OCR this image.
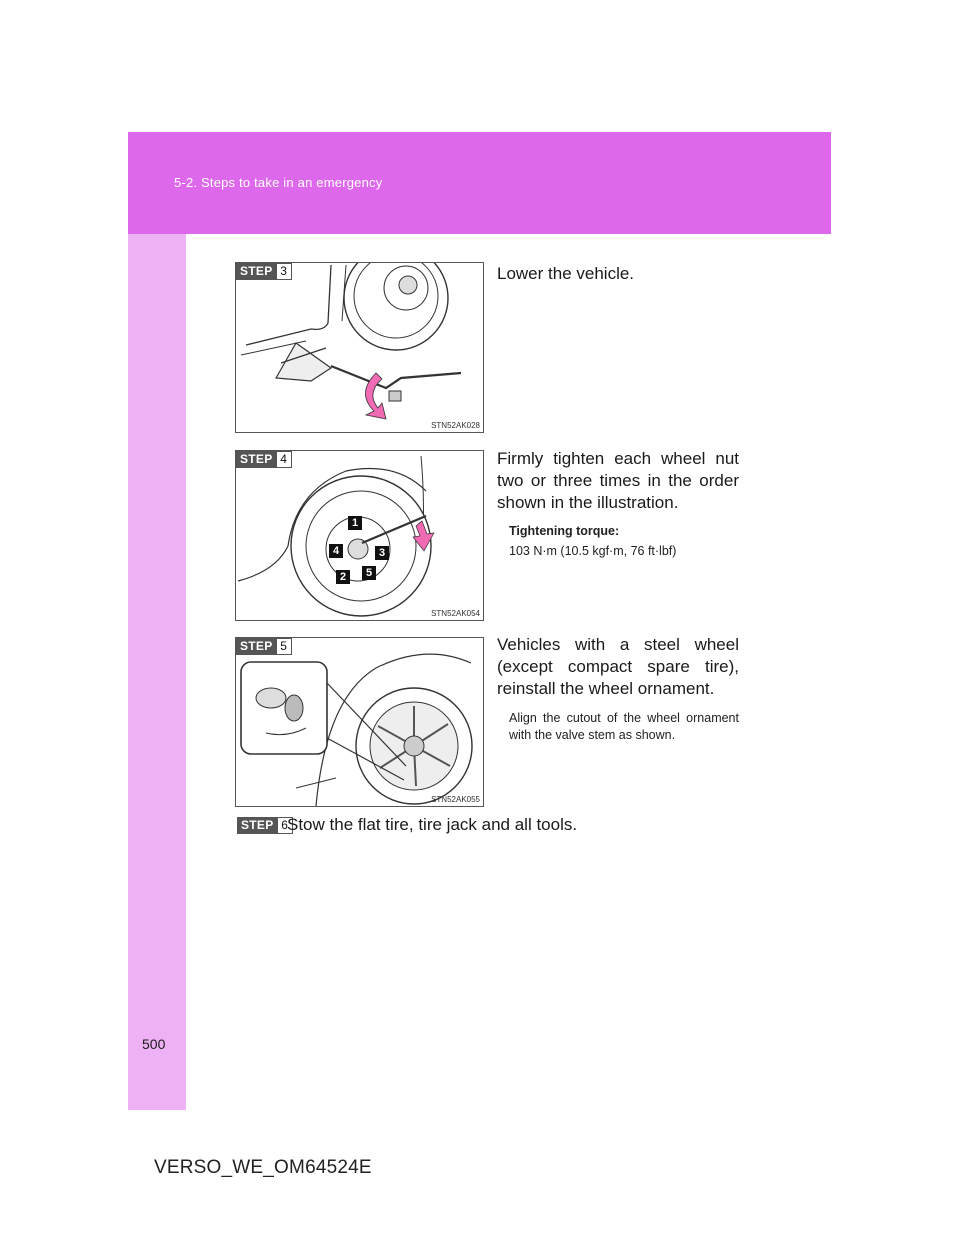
5-2. Steps to take in an emergency
STEP 3
STN52AK028
Lower the vehicle.
STEP 4
1
2
3
4
5
STN52AK054
Firmly tighten each wheel nut two or three times in the order shown in the illustration.
Tightening torque:
103 N·m (10.5 kgf·m, 76 ft·lbf)
STEP 5
STN52AK055
Vehicles with a steel wheel (except compact spare tire), reinstall the wheel ornament.
Align the cutout of the wheel ornament with the valve stem as shown.
STEP 6 Stow the flat tire, tire jack and all tools.
500
VERSO_WE_OM64524E
